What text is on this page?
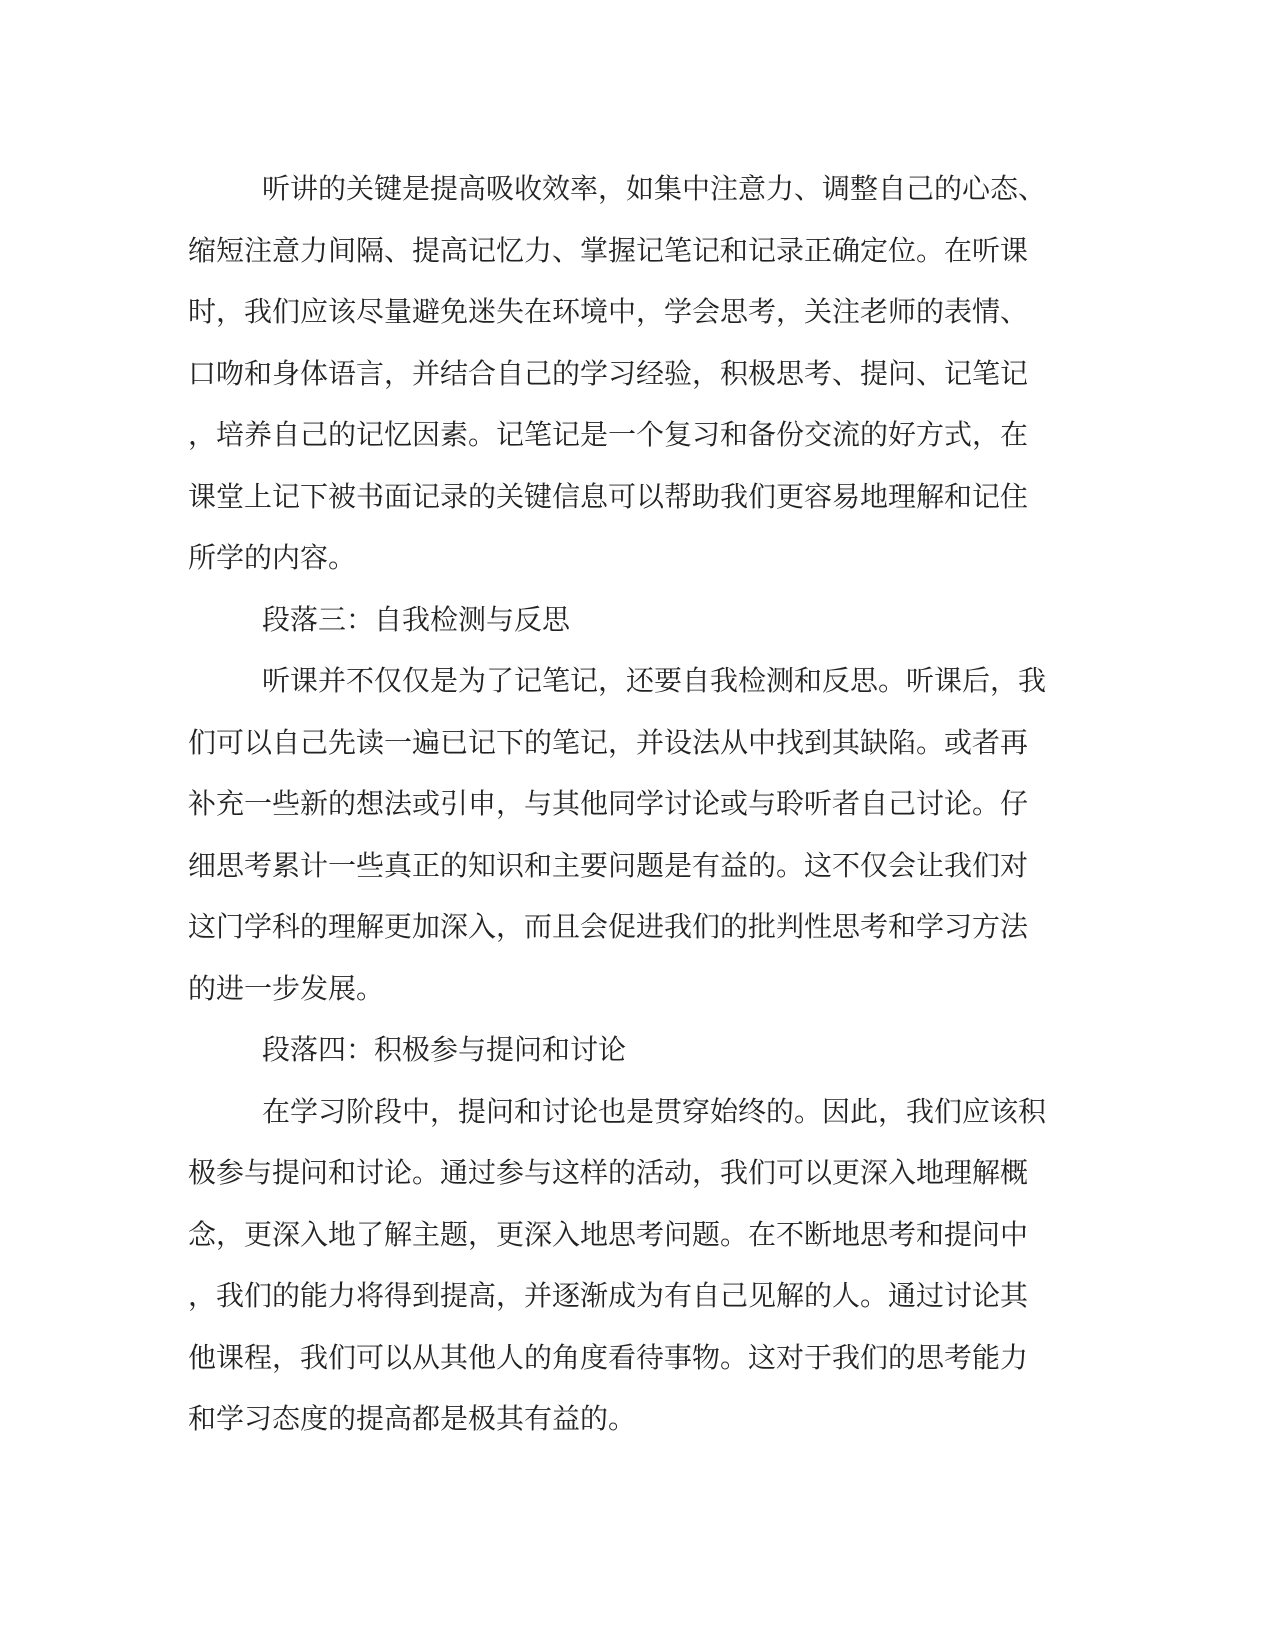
听讲的关键是提高吸收效率，如集中注意力、调整自己的心态、
缩短注意力间隔、提高记忆力、掌握记笔记和记录正确定位。在听课
时，我们应该尽量避免迷失在环境中，学会思考，关注老师的表情、
口吻和身体语言，并结合自己的学习经验，积极思考、提问、记笔记
，培养自己的记忆因素。记笔记是一个复习和备份交流的好方式，在
课堂上记下被书面记录的关键信息可以帮助我们更容易地理解和记住
所学的内容。

段落三：自我检测与反思

听课并不仅仅是为了记笔记，还要自我检测和反思。听课后，我
们可以自己先读一遍已记下的笔记，并设法从中找到其缺陷。或者再
补充一些新的想法或引申，与其他同学讨论或与聆听者自己讨论。仔
细思考累计一些真正的知识和主要问题是有益的。这不仅会让我们对
这门学科的理解更加深入，而且会促进我们的批判性思考和学习方法
的进一步发展。

段落四：积极参与提问和讨论

在学习阶段中，提问和讨论也是贯穿始终的。因此，我们应该积
极参与提问和讨论。通过参与这样的活动，我们可以更深入地理解概
念，更深入地了解主题，更深入地思考问题。在不断地思考和提问中
，我们的能力将得到提高，并逐渐成为有自己见解的人。通过讨论其
他课程，我们可以从其他人的角度看待事物。这对于我们的思考能力
和学习态度的提高都是极其有益的。
